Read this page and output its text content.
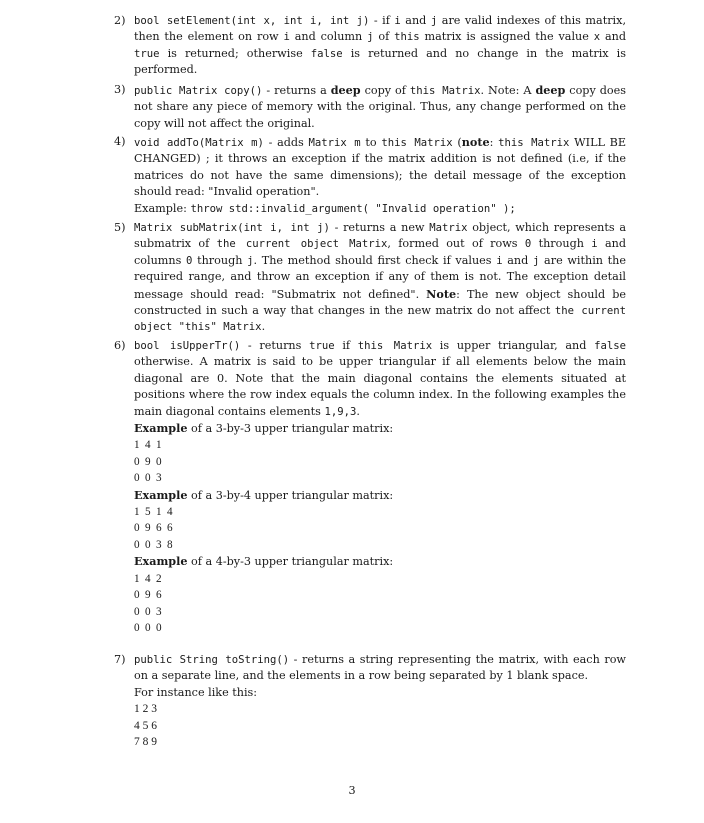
2) bool setElement(int x, int i, int j) - if i and j are valid indexes of this matrix, then the element on row i and column j of this matrix is assigned the value x and true is returned; otherwise false is returned and no change in the matrix is performed.

3) public Matrix copy() - returns a deep copy of this Matrix. Note: A deep copy does not share any piece of memory with the original. Thus, any change performed on the copy will not affect the original.

4) void addTo(Matrix m) - adds Matrix m to this Matrix (note: this Matrix WILL BE CHANGED) ; it throws an exception if the matrix addition is not defined (i.e, if the matrices do not have the same dimensions); the detail message of the exception should read: "Invalid operation".

Example: throw std::invalid_argument( "Invalid operation" );

5) Matrix subMatrix(int i, int j) - returns a new Matrix object, which represents a submatrix of the current object Matrix, formed out of rows 0 through i and columns 0 through j. The method should first check if values i and j are within the required range, and throw an exception if any of them is not. The exception detail message should read: "Submatrix not defined". Note: The new object should be constructed in such a way that changes in the new matrix do not affect the current object "this" Matrix.

6) bool isUpperTr() - returns true if this Matrix is upper triangular, and false otherwise. A matrix is said to be upper triangular if all elements below the main diagonal are 0. Note that the main diagonal contains the elements situated at positions where the row index equals the column index. In the following examples the main diagonal contains elements 1,9,3.

Example of a 3-by-3 upper triangular matrix:

1 4 1
0 9 0
0 0 3

Example of a 3-by-4 upper triangular matrix:

1 5 1 4
0 9 6 6
0 0 3 8

Example of a 4-by-3 upper triangular matrix:

1 4 2
0 9 6
0 0 3
0 0 0
7) public String toString() - returns a string representing the matrix, with each row on a separate line, and the elements in a row being separated by 1 blank space.

For instance like this:

1 2 3
4 5 6
7 8 9
3
